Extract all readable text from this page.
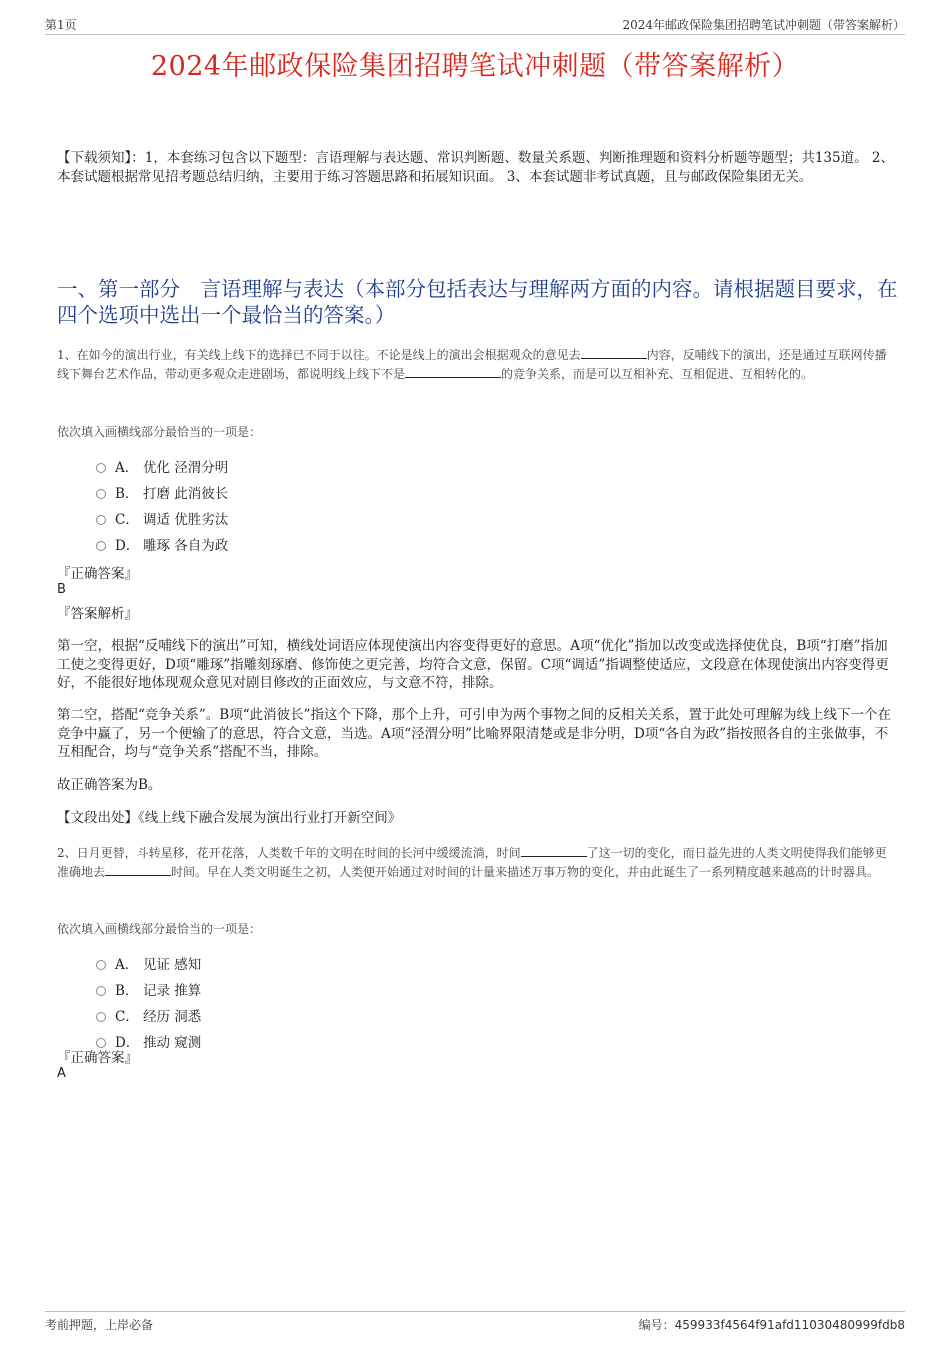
第1页	2024年邮政保险集团招聘笔试冲刺题（带答案解析）
2024年邮政保险集团招聘笔试冲刺题（带答案解析）
【下载须知】：1，本套练习包含以下题型：言语理解与表达题、常识判断题、数量关系题、判断推理题和资料分析题等题型；共135道。 2、本套试题根据常见招考题总结归纳，主要用于练习答题思路和拓展知识面。 3、本套试题非考试真题，且与邮政保险集团无关。
一、第一部分　言语理解与表达（本部分包括表达与理解两方面的内容。请根据题目要求，在四个选项中选出一个最恰当的答案。）
1、在如今的演出行业，有关线上线下的选择已不同于以往。不论是线上的演出会根据观众的意见去	内容，反哺线下的演出，还是通过互联网传播线下舞台艺术作品，带动更多观众走进剧场，都说明线上线下不是	的竞争关系，而是可以互相补充、互相促进、互相转化的。
依次填入画横线部分最恰当的一项是：
A． 优化 泾渭分明
B． 打磨 此消彼长
C． 调适 优胜劣汰
D． 雕琢 各自为政
『正确答案』
B
『答案解析』
第一空，根据“反哺线下的演出”可知，横线处词语应体现使演出内容变得更好的意思。A项“优化”指加以改变或选择使优良，B项“打磨”指加工使之变得更好，D项“雕琢”指雕刻琢磨、修饰使之更完善，均符合文意，保留。C项“调适”指调整使适应，文段意在体现使演出内容变得更好，不能很好地体现观众意见对剧目修改的正面效应，与文意不符，排除。
第二空，搭配“竞争关系”。B项“此消彼长”指这个下降，那个上升，可引申为两个事物之间的反相关关系，置于此处可理解为线上线下一个在竞争中赢了，另一个便输了的意思，符合文意，当选。A项“泾渭分明”比喻界限清楚或是非分明，D项“各自为政”指按照各自的主张做事，不互相配合，均与“竞争关系”搭配不当，排除。
故正确答案为B。
【文段出处】《线上线下融合发展为演出行业打开新空间》
2、日月更替，斗转星移，花开花落，人类数千年的文明在时间的长河中缓缓流淌，时间	了这一切的变化，而日益先进的人类文明使得我们能够更准确地去	时间。早在人类文明诞生之初，人类便开始通过对时间的计量来描述万事万物的变化，并由此诞生了一系列精度越来越高的计时器具。
依次填入画横线部分最恰当的一项是：
A． 见证 感知
B． 记录 推算
C． 经历 洞悉
D． 推动 窥测
『正确答案』
A
考前押题，上岸必备	编号：459933f4564f91afd11030480999fdb8
